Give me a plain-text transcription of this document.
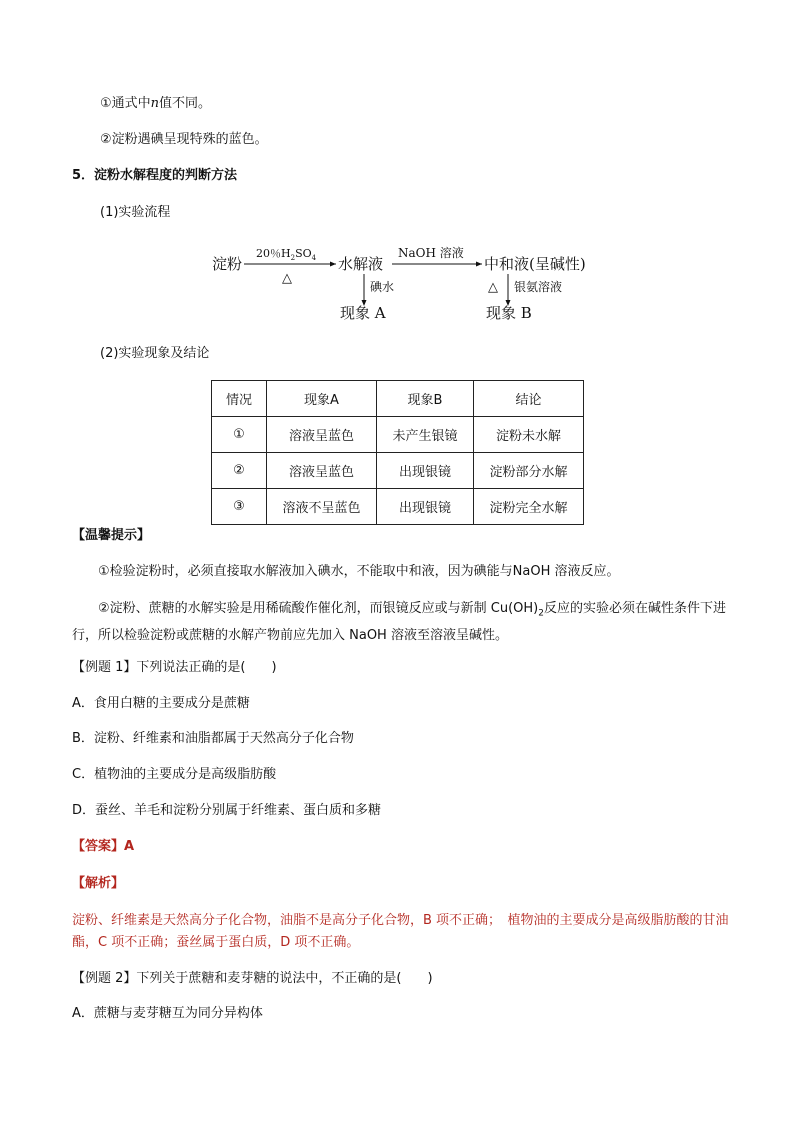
①通式中n值不同。
②淀粉遇碘呈现特殊的蓝色。
5．淀粉水解程度的判断方法
(1)实验流程
淀粉
20％$H_2SO_4$
△
水解液
NaOH 溶液
中和液(呈碱性)
碘水
现象 A
△ 银氨溶液
现象 B
(2)实验现象及结论
情况	现象A	现象B	结论
①	溶液呈蓝色	未产生银镜	淀粉未水解
②	溶液呈蓝色	出现银镜	淀粉部分水解
③	溶液不呈蓝色	出现银镜	淀粉完全水解
【温馨提示】
①检验淀粉时，必须直接取水解液加入碘水，不能取中和液，因为碘能与NaOH 溶液反应。
②淀粉、蔗糖的水解实验是用稀硫酸作催化剂，而银镜反应或与新制 $Cu(OH)_2$反应的实验必须在碱性条件下进行，所以检验淀粉或蔗糖的水解产物前应先加入 NaOH 溶液至溶液呈碱性。
【例题 1】下列说法正确的是(　　)
A．食用白糖的主要成分是蔗糖
B．淀粉、纤维素和油脂都属于天然高分子化合物
C．植物油的主要成分是高级脂肪酸
D．蚕丝、羊毛和淀粉分别属于纤维素、蛋白质和多糖
【答案】A
【解析】
淀粉、纤维素是天然高分子化合物，油脂不是高分子化合物，B 项不正确；　植物油的主要成分是高级脂肪酸的甘油酯，C 项不正确；蚕丝属于蛋白质，D 项不正确。
【例题 2】下列关于蔗糖和麦芽糖的说法中，不正确的是(　　)
A．蔗糖与麦芽糖互为同分异构体
